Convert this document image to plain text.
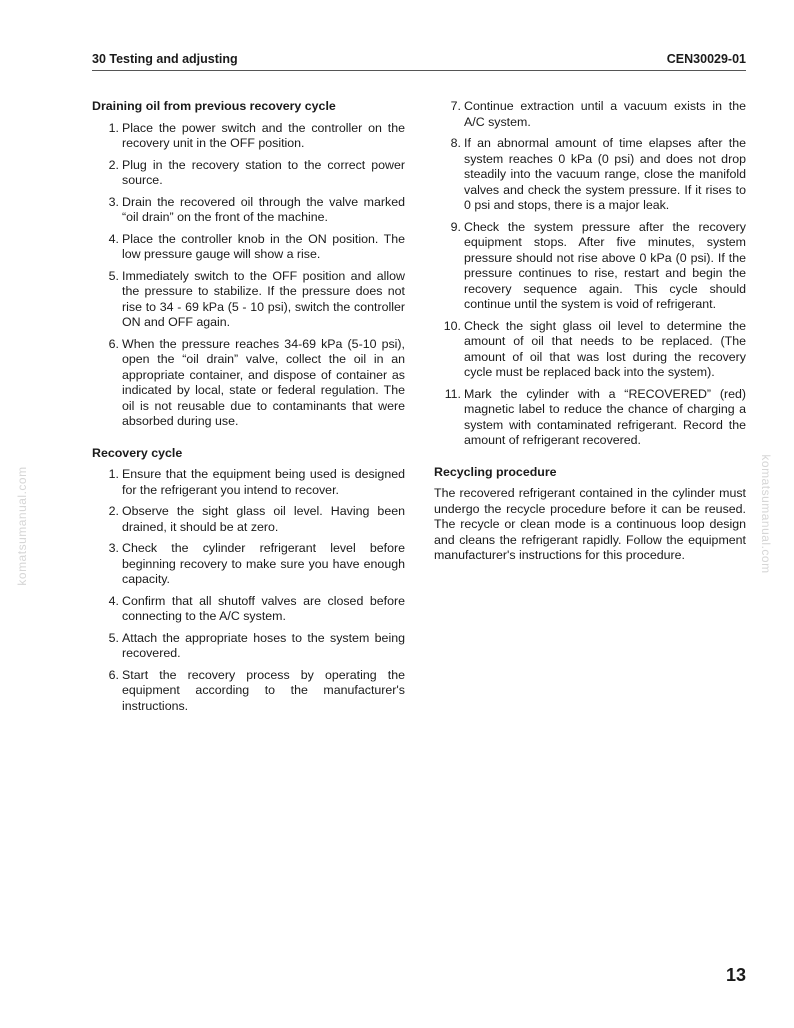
30 Testing and adjusting	CEN30029-01

Draining oil from previous recovery cycle

1. Place the power switch and the controller on the recovery unit in the OFF position.
2. Plug in the recovery station to the correct power source.
3. Drain the recovered oil through the valve marked “oil drain” on the front of the machine.
4. Place the controller knob in the ON position. The low pressure gauge will show a rise.
5. Immediately switch to the OFF position and allow the pressure to stabilize. If the pressure does not rise to 34 - 69 kPa (5 - 10 psi), switch the controller ON and OFF again.
6. When the pressure reaches 34-69 kPa (5-10 psi), open the “oil drain” valve, collect the oil in an appropriate container, and dispose of container as indicated by local, state or federal regulation. The oil is not reusable due to contaminants that were absorbed during use.

Recovery cycle

1. Ensure that the equipment being used is designed for the refrigerant you intend to recover.
2. Observe the sight glass oil level. Having been drained, it should be at zero.
3. Check the cylinder refrigerant level before beginning recovery to make sure you have enough capacity.
4. Confirm that all shutoff valves are closed before connecting to the A/C system.
5. Attach the appropriate hoses to the system being recovered.
6. Start the recovery process by operating the equipment according to the manufacturer's instructions.
7. Continue extraction until a vacuum exists in the A/C system.
8. If an abnormal amount of time elapses after the system reaches 0 kPa (0 psi) and does not drop steadily into the vacuum range, close the manifold valves and check the system pressure. If it rises to 0 psi and stops, there is a major leak.
9. Check the system pressure after the recovery equipment stops. After five minutes, system pressure should not rise above 0 kPa (0 psi). If the pressure continues to rise, restart and begin the recovery sequence again. This cycle should continue until the system is void of refrigerant.
10. Check the sight glass oil level to determine the amount of oil that needs to be replaced. (The amount of oil that was lost during the recovery cycle must be replaced back into the system).
11. Mark the cylinder with a “RECOVERED” (red) magnetic label to reduce the chance of charging a system with contaminated refrigerant. Record the amount of refrigerant recovered.

Recycling procedure

The recovered refrigerant contained in the cylinder must undergo the recycle procedure before it can be reused. The recycle or clean mode is a continuous loop design and cleans the refrigerant rapidly. Follow the equipment manufacturer's instructions for this procedure.

komatsumanual.com	komatsumanual.com
13
